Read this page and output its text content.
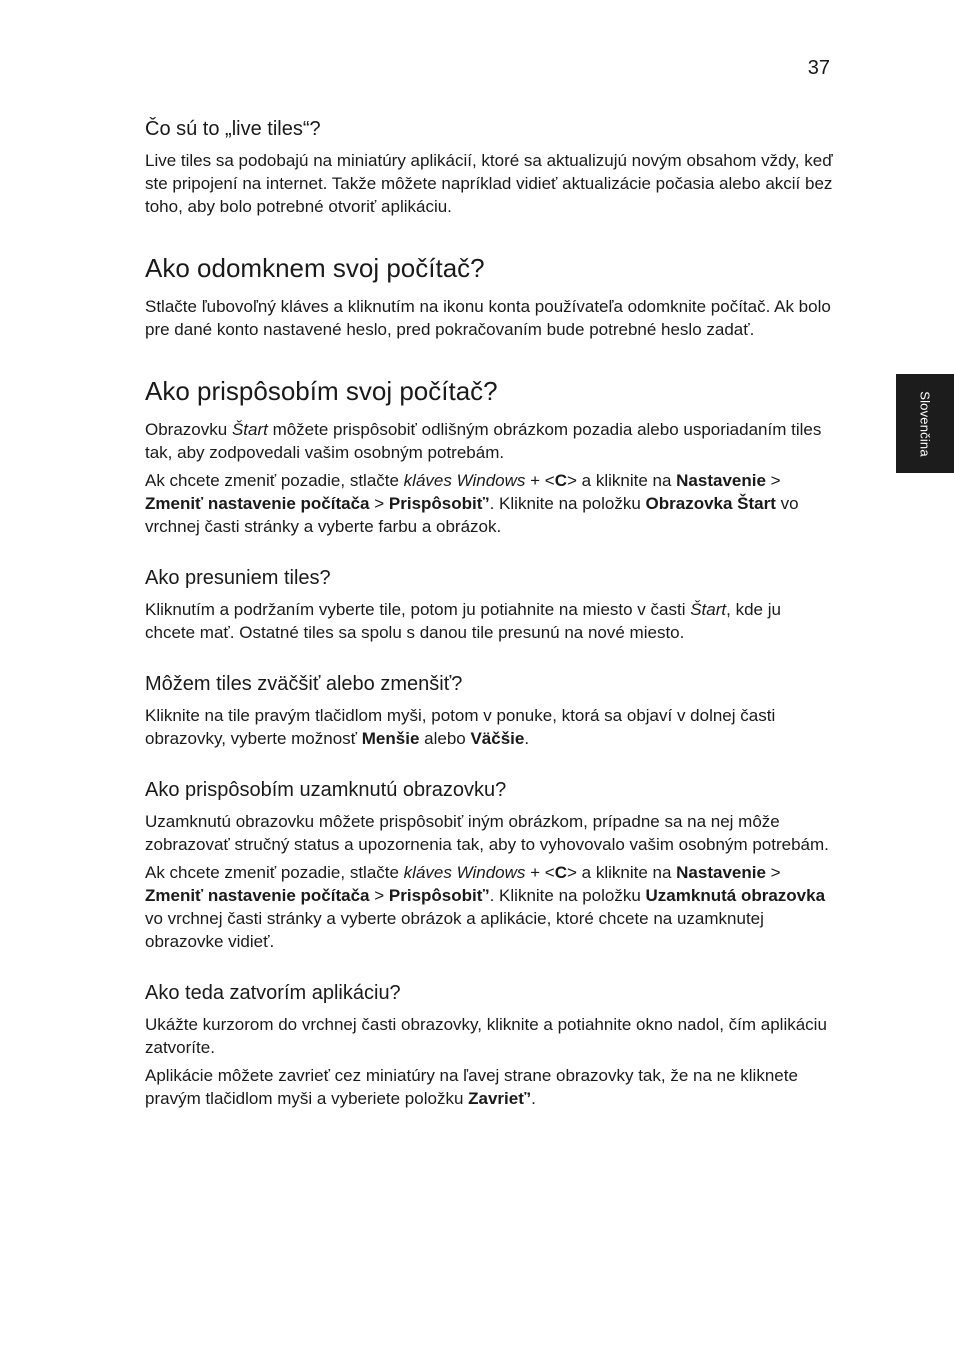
37
Slovenčina
Čo sú to „live tiles“?

Live tiles sa podobajú na miniatúry aplikácií, ktoré sa aktualizujú novým obsahom vždy, keď ste pripojení na internet. Takže môžete napríklad vidieť aktualizácie počasia alebo akcií bez toho, aby bolo potrebné otvoriť aplikáciu.

Ako odomknem svoj počítač?

Stlačte ľubovoľný kláves a kliknutím na ikonu konta používateľa odomknite počítač. Ak bolo pre dané konto nastavené heslo, pred pokračovaním bude potrebné heslo zadať.

Ako prispôsobím svoj počítač?

Obrazovku Štart môžete prispôsobiť odlišným obrázkom pozadia alebo usporiadaním tiles tak, aby zodpovedali vašim osobným potrebám.

Ak chcete zmeniť pozadie, stlačte kláves Windows + <C> a kliknite na Nastavenie > Zmeniť nastavenie počítača > Prispôsobiť’. Kliknite na položku Obrazovka Štart vo vrchnej časti stránky a vyberte farbu a obrázok.

Ako presuniem tiles?

Kliknutím a podržaním vyberte tile, potom ju potiahnite na miesto v časti Štart, kde ju chcete mať. Ostatné tiles sa spolu s danou tile presunú na nové miesto.

Môžem tiles zväčšiť alebo zmenšiť?

Kliknite na tile pravým tlačidlom myši, potom v ponuke, ktorá sa objaví v dolnej časti obrazovky, vyberte možnosť Menšie alebo Väčšie.

Ako prispôsobím uzamknutú obrazovku?

Uzamknutú obrazovku môžete prispôsobiť iným obrázkom, prípadne sa na nej môže zobrazovať stručný status a upozornenia tak, aby to vyhovovalo vašim osobným potrebám.

Ak chcete zmeniť pozadie, stlačte kláves Windows + <C> a kliknite na Nastavenie > Zmeniť nastavenie počítača > Prispôsobiť’. Kliknite na položku Uzamknutá obrazovka vo vrchnej časti stránky a vyberte obrázok a aplikácie, ktoré chcete na uzamknutej obrazovke vidieť.

Ako teda zatvorím aplikáciu?

Ukážte kurzorom do vrchnej časti obrazovky, kliknite a potiahnite okno nadol, čím aplikáciu zatvoríte.

Aplikácie môžete zavrieť cez miniatúry na ľavej strane obrazovky tak, že na ne kliknete pravým tlačidlom myši a vyberiete položku Zavrieť’.
